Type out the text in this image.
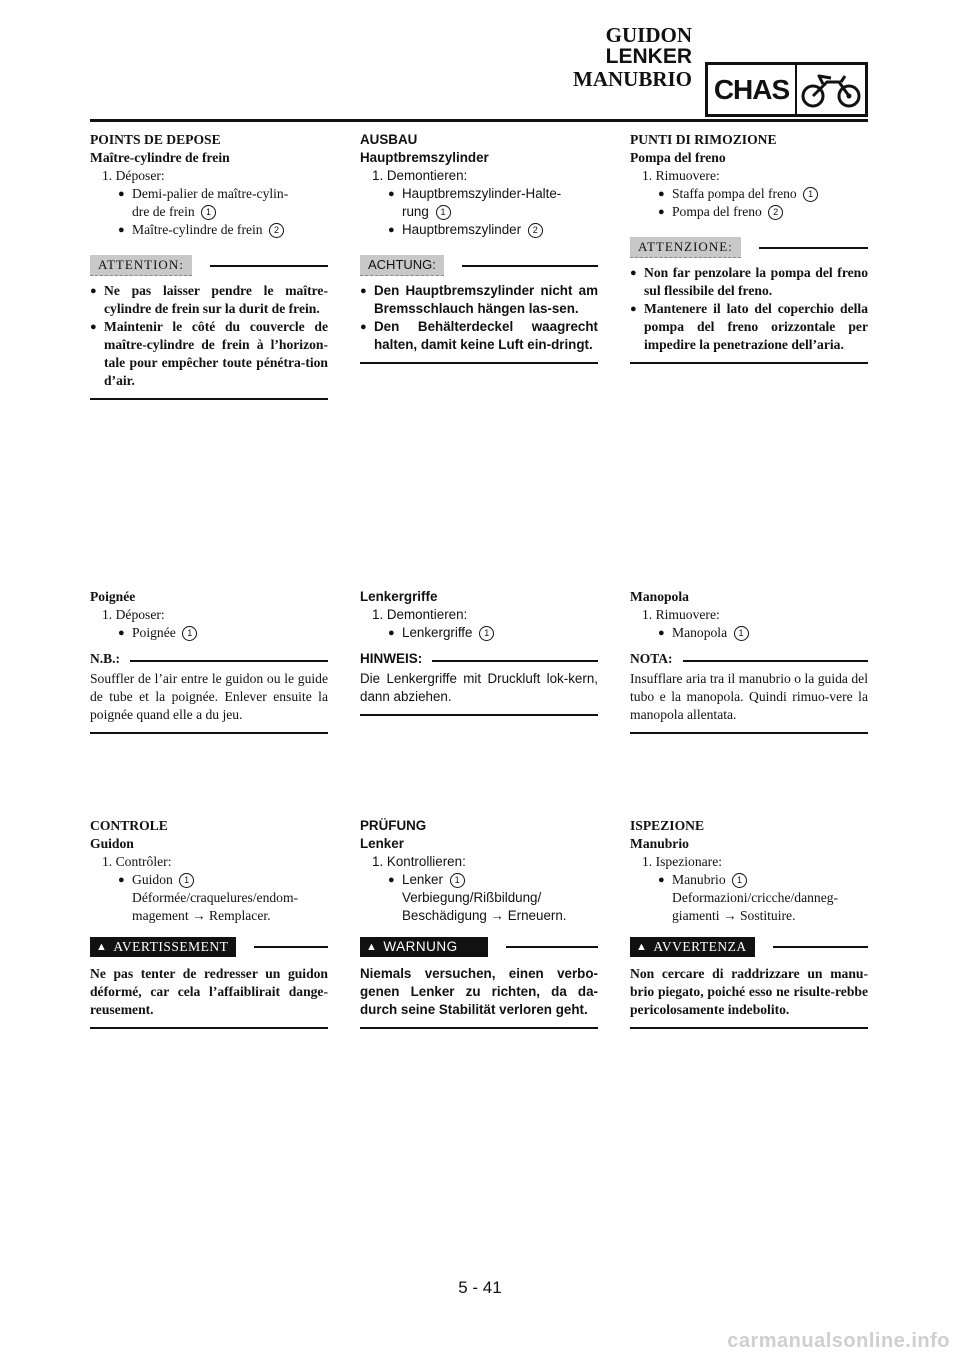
GUIDON
LENKER
MANUBRIO CHAS
POINTS DE DEPOSE
Maître-cylindre de frein
1. Déposer:
● Demi-palier de maître-cylin-
dre de frein 1
● Maître-cylindre de frein 2
ATTENTION:
● Ne pas laisser pendre le maître-cylindre de frein sur la durit de frein.
● Maintenir le côté du couvercle de maître-cylindre de frein à l’horizon-tale pour empêcher toute pénétra-tion d’air.
Poignée
1. Déposer:
● Poignée 1
N.B.:
Souffler de l’air entre le guidon ou le guide de tube et la poignée. Enlever ensuite la poignée quand elle a du jeu.
CONTROLE
Guidon
1. Contrôler:
● Guidon 1
Déformée/craquelures/endom-
magement → Remplacer.
▲ AVERTISSEMENT
Ne pas tenter de redresser un guidon déformé, car cela l’affaiblirait dange-reusement.
AUSBAU
Hauptbremszylinder
1. Demontieren:
● Hauptbremszylinder-Halte-
rung 1
● Hauptbremszylinder 2
ACHTUNG:
● Den Hauptbremszylinder nicht am Bremsschlauch hängen las-sen.
● Den Behälterdeckel waagrecht halten, damit keine Luft ein-dringt.
Lenkergriffe
1. Demontieren:
● Lenkergriffe 1
HINWEIS:
Die Lenkergriffe mit Druckluft lok-kern, dann abziehen.
PRÜFUNG
Lenker
1. Kontrollieren:
● Lenker 1
Verbiegung/Rißbildung/
Beschädigung → Erneuern.
▲ WARNUNG
Niemals versuchen, einen verbo-genen Lenker zu richten, da da-durch seine Stabilität verloren geht.
PUNTI DI RIMOZIONE
Pompa del freno
1. Rimuovere:
● Staffa pompa del freno 1
● Pompa del freno 2
ATTENZIONE:
● Non far penzolare la pompa del freno sul flessibile del freno.
● Mantenere il lato del coperchio della pompa del freno orizzontale per impedire la penetrazione dell’aria.
Manopola
1. Rimuovere:
● Manopola 1
NOTA:
Insufflare aria tra il manubrio o la guida del tubo e la manopola. Quindi rimuo-vere la manopola allentata.
ISPEZIONE
Manubrio
1. Ispezionare:
● Manubrio 1
Deformazioni/cricche/danneg-
giamenti → Sostituire.
▲ AVVERTENZA
Non cercare di raddrizzare un manu-brio piegato, poiché esso ne risulte-rebbe pericolosamente indebolito.
5 - 41
carmanualsonline.info
